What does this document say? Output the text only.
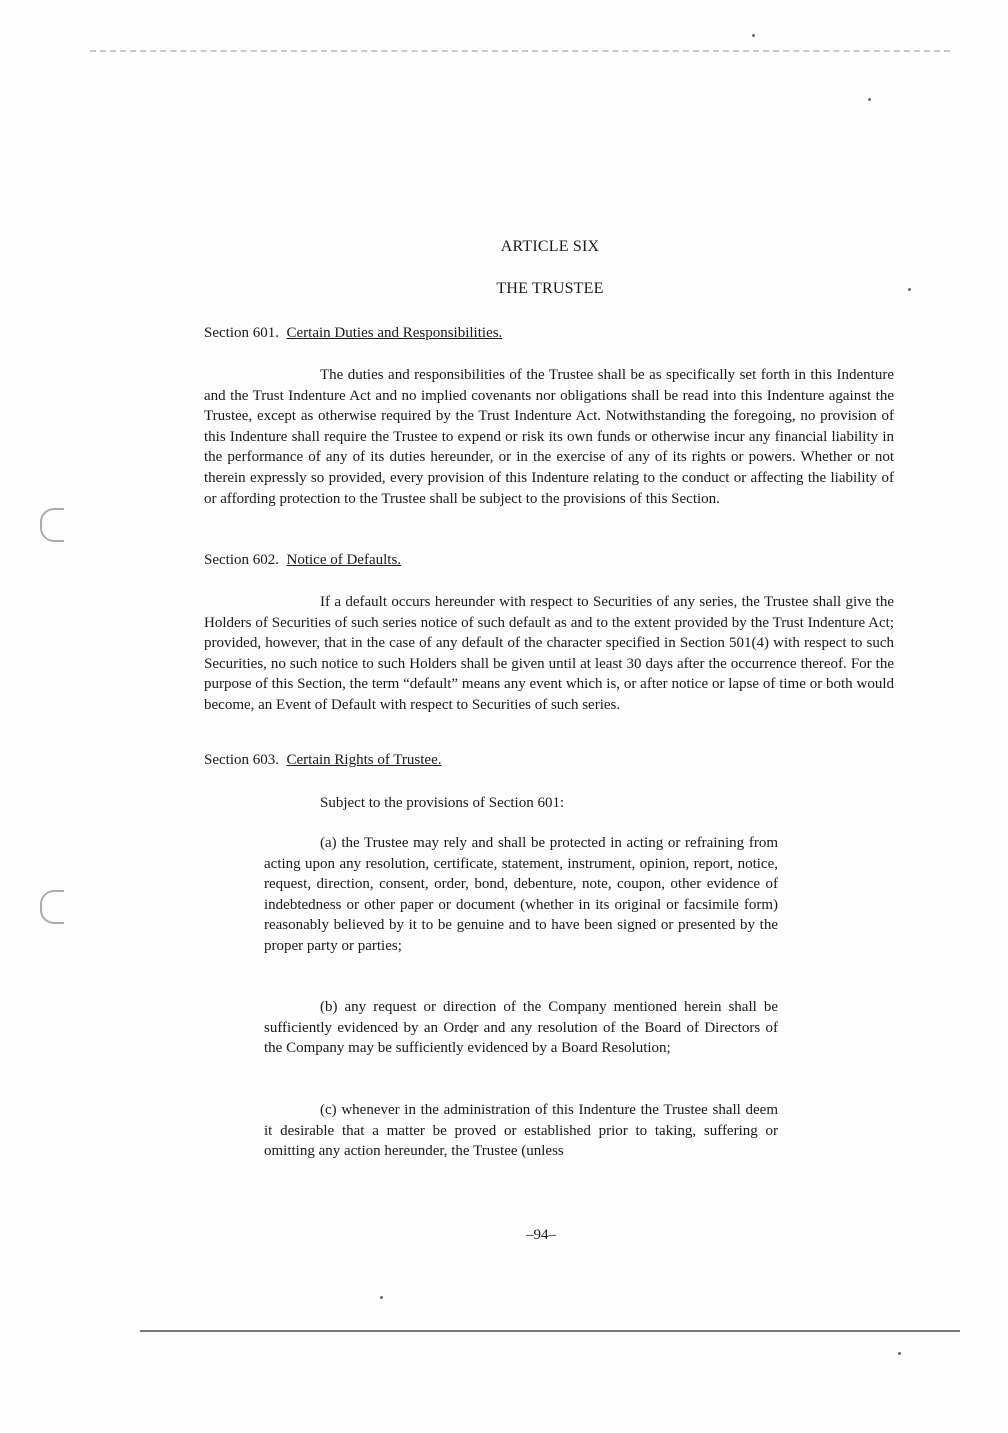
ARTICLE SIX
THE TRUSTEE
Section 601. Certain Duties and Responsibilities.
The duties and responsibilities of the Trustee shall be as specifically set forth in this Indenture and the Trust Indenture Act and no implied covenants nor obligations shall be read into this Indenture against the Trustee, except as otherwise required by the Trust Indenture Act. Notwithstanding the foregoing, no provision of this Indenture shall require the Trustee to expend or risk its own funds or otherwise incur any financial liability in the performance of any of its duties hereunder, or in the exercise of any of its rights or powers. Whether or not therein expressly so provided, every provision of this Indenture relating to the conduct or affecting the liability of or affording protection to the Trustee shall be subject to the provisions of this Section.
Section 602. Notice of Defaults.
If a default occurs hereunder with respect to Securities of any series, the Trustee shall give the Holders of Securities of such series notice of such default as and to the extent provided by the Trust Indenture Act; provided, however, that in the case of any default of the character specified in Section 501(4) with respect to such Securities, no such notice to such Holders shall be given until at least 30 days after the occurrence thereof. For the purpose of this Section, the term “default” means any event which is, or after notice or lapse of time or both would become, an Event of Default with respect to Securities of such series.
Section 603. Certain Rights of Trustee.
Subject to the provisions of Section 601:
(a) the Trustee may rely and shall be protected in acting or refraining from acting upon any resolution, certificate, statement, instrument, opinion, report, notice, request, direction, consent, order, bond, debenture, note, coupon, other evidence of indebtedness or other paper or document (whether in its original or facsimile form) reasonably believed by it to be genuine and to have been signed or presented by the proper party or parties;
(b) any request or direction of the Company mentioned herein shall be sufficiently evidenced by an Order and any resolution of the Board of Directors of the Company may be sufficiently evidenced by a Board Resolution;
(c) whenever in the administration of this Indenture the Trustee shall deem it desirable that a matter be proved or established prior to taking, suffering or omitting any action hereunder, the Trustee (unless
–94–
